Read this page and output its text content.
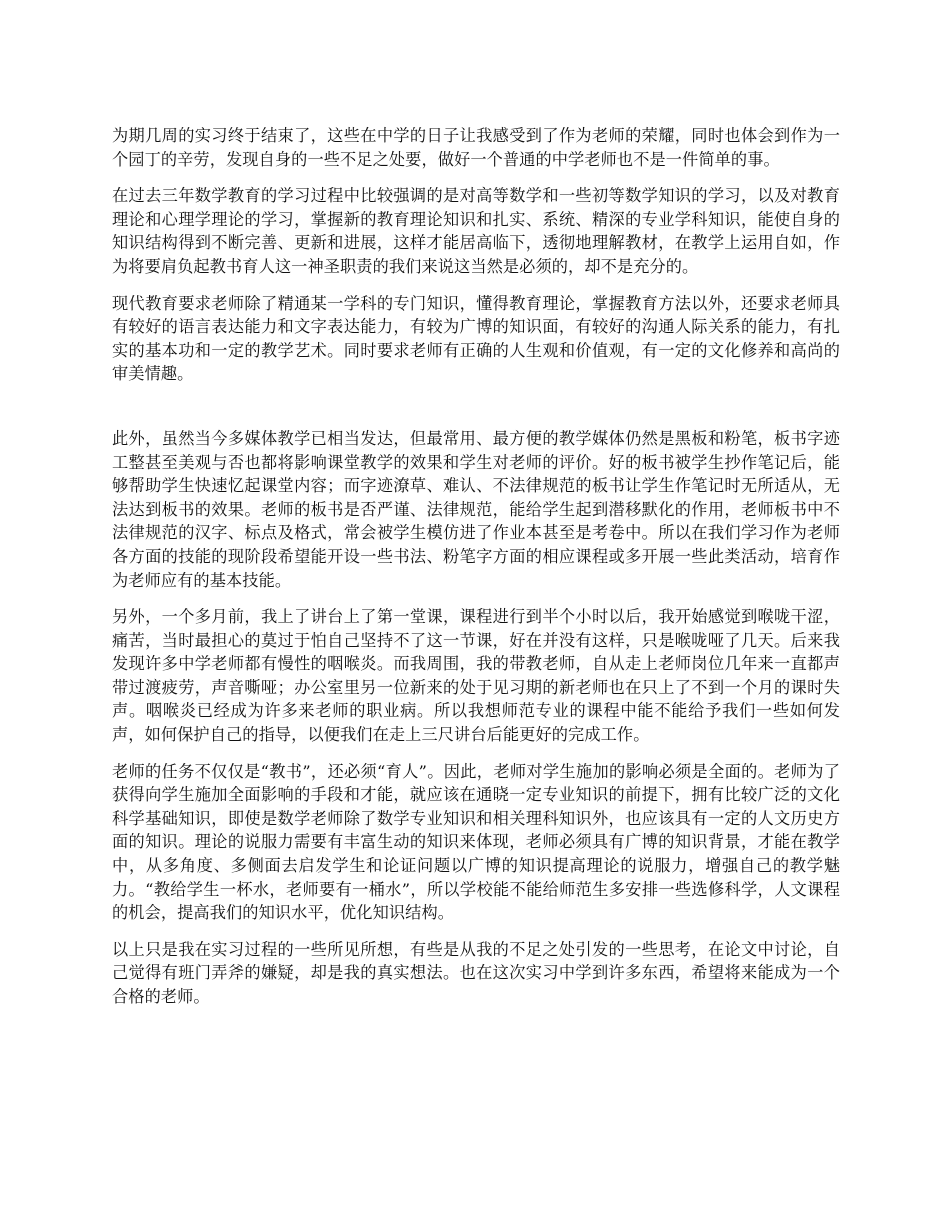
为期几周的实习终于结束了，这些在中学的日子让我感受到了作为老师的荣耀，同时也体会到作为一个园丁的辛劳，发现自身的一些不足之处要，做好一个普通的中学老师也不是一件简单的事。

在过去三年数学教育的学习过程中比较强调的是对高等数学和一些初等数学知识的学习，以及对教育理论和心理学理论的学习，掌握新的教育理论知识和扎实、系统、精深的专业学科知识，能使自身的知识结构得到不断完善、更新和进展，这样才能居高临下，透彻地理解教材，在教学上运用自如，作为将要肩负起教书育人这一神圣职责的我们来说这当然是必须的，却不是充分的。

现代教育要求老师除了精通某一学科的专门知识，懂得教育理论，掌握教育方法以外，还要求老师具有较好的语言表达能力和文字表达能力，有较为广博的知识面，有较好的沟通人际关系的能力，有扎实的基本功和一定的教学艺术。同时要求老师有正确的人生观和价值观，有一定的文化修养和高尚的审美情趣。

此外，虽然当今多媒体教学已相当发达，但最常用、最方便的教学媒体仍然是黑板和粉笔，板书字迹工整甚至美观与否也都将影响课堂教学的效果和学生对老师的评价。好的板书被学生抄作笔记后，能够帮助学生快速忆起课堂内容；而字迹潦草、难认、不法律规范的板书让学生作笔记时无所适从，无法达到板书的效果。老师的板书是否严谨、法律规范，能给学生起到潜移默化的作用，老师板书中不法律规范的汉字、标点及格式，常会被学生模仿进了作业本甚至是考卷中。所以在我们学习作为老师各方面的技能的现阶段希望能开设一些书法、粉笔字方面的相应课程或多开展一些此类活动，培育作为老师应有的基本技能。

另外，一个多月前，我上了讲台上了第一堂课，课程进行到半个小时以后，我开始感觉到喉咙干涩，痛苦，当时最担心的莫过于怕自己坚持不了这一节课，好在并没有这样，只是喉咙哑了几天。后来我发现许多中学老师都有慢性的咽喉炎。而我周围，我的带教老师，自从走上老师岗位几年来一直都声带过渡疲劳，声音嘶哑；办公室里另一位新来的处于见习期的新老师也在只上了不到一个月的课时失声。咽喉炎已经成为许多来老师的职业病。所以我想师范专业的课程中能不能给予我们一些如何发声，如何保护自己的指导，以便我们在走上三尺讲台后能更好的完成工作。

老师的任务不仅仅是“教书”，还必须“育人”。因此，老师对学生施加的影响必须是全面的。老师为了获得向学生施加全面影响的手段和才能，就应该在通晓一定专业知识的前提下，拥有比较广泛的文化科学基础知识，即使是数学老师除了数学专业知识和相关理科知识外，也应该具有一定的人文历史方面的知识。理论的说服力需要有丰富生动的知识来体现，老师必须具有广博的知识背景，才能在教学中，从多角度、多侧面去启发学生和论证问题以广博的知识提高理论的说服力，增强自己的教学魅力。“教给学生一杯水，老师要有一桶水”，所以学校能不能给师范生多安排一些选修科学，人文课程的机会，提高我们的知识水平，优化知识结构。

以上只是我在实习过程的一些所见所想，有些是从我的不足之处引发的一些思考，在论文中讨论，自己觉得有班门弄斧的嫌疑，却是我的真实想法。也在这次实习中学到许多东西，希望将来能成为一个合格的老师。
